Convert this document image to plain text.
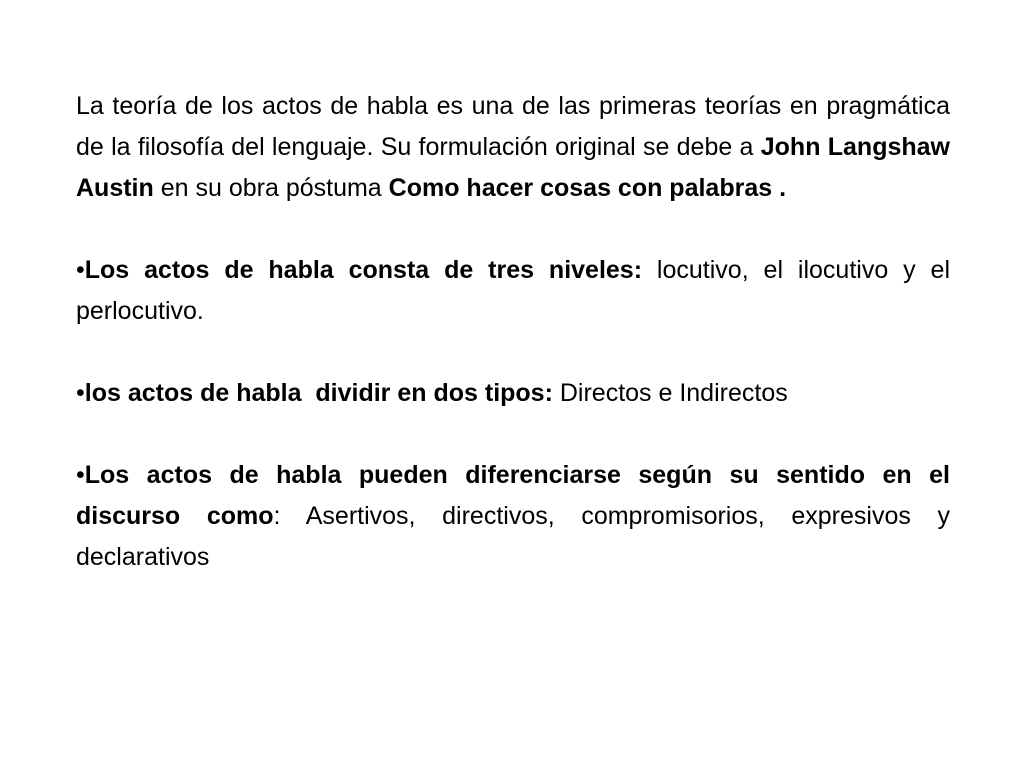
La teoría de los actos de habla es una de las primeras teorías en pragmática de la filosofía del lenguaje. Su formulación original se debe a John Langshaw Austin en su obra póstuma Como hacer cosas con palabras .

•Los actos de habla consta de tres niveles: locutivo, el ilocutivo y el perlocutivo.

•los actos de habla  dividir en dos tipos: Directos e Indirectos

•Los actos de habla pueden diferenciarse según su sentido en el discurso como: Asertivos, directivos, compromisorios, expresivos y declarativos
